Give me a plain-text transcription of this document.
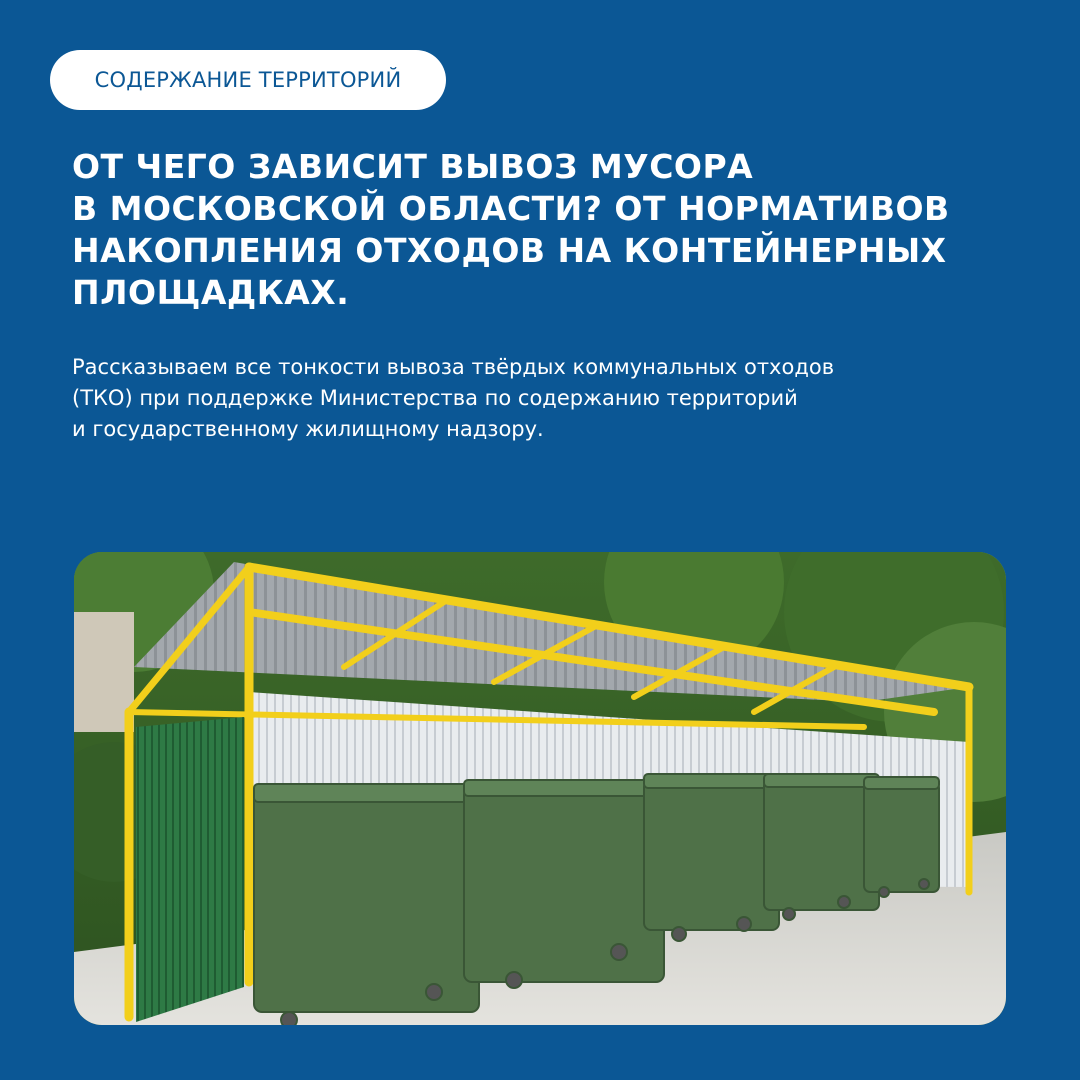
СОДЕРЖАНИЕ ТЕРРИТОРИЙ
ОТ ЧЕГО ЗАВИСИТ ВЫВОЗ МУСОРА
В МОСКОВСКОЙ ОБЛАСТИ? ОТ НОРМАТИВОВ
НАКОПЛЕНИЯ ОТХОДОВ НА КОНТЕЙНЕРНЫХ
ПЛОЩАДКАХ.

Рассказываем все тонкости вывоза твёрдых коммунальных отходов
(ТКО) при поддержке Министерства по содержанию территорий
и государственному жилищному надзору.
